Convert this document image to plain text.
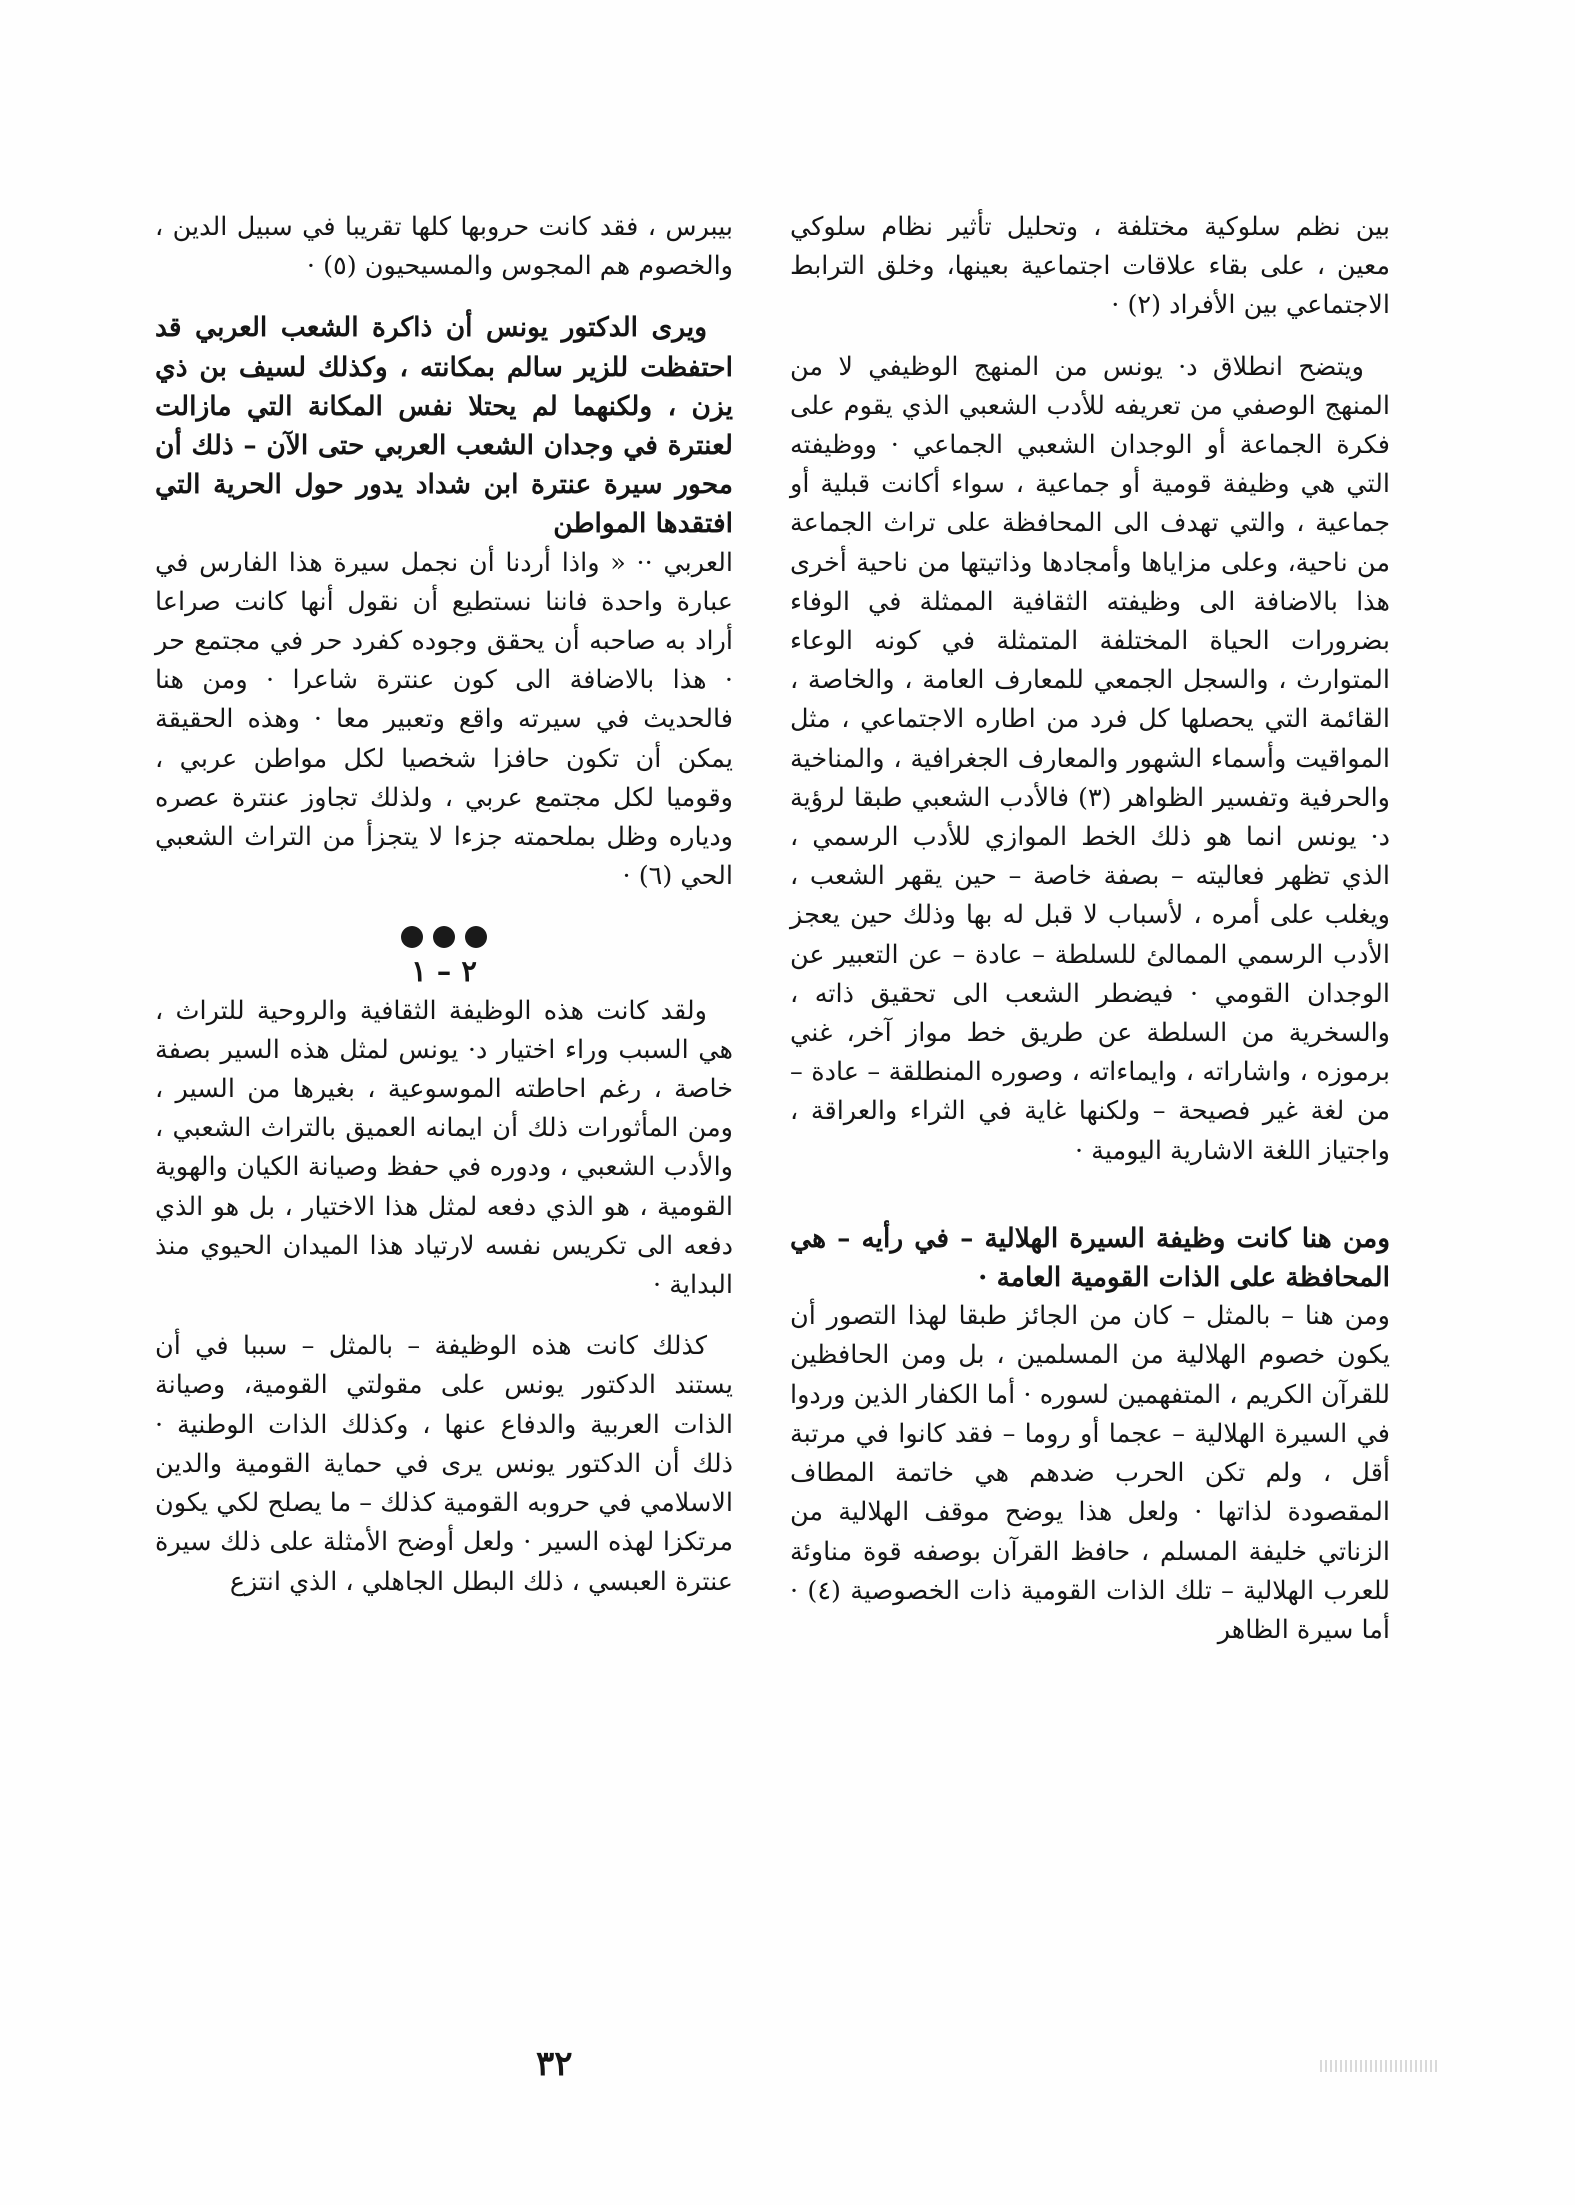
بين نظم سلوكية مختلفة ، وتحليل تأثير نظام سلوكي معين ، على بقاء علاقات اجتماعية بعينها، وخلق الترابط الاجتماعي بين الأفراد (٢) ·

ويتضح انطلاق د· يونس من المنهج الوظيفي لا من المنهج الوصفي من تعريفه للأدب الشعبي الذي يقوم على فكرة الجماعة أو الوجدان الشعبي الجماعي · ووظيفته التي هي وظيفة قومية أو جماعية ، سواء أكانت قبلية أو جماعية ، والتي تهدف الى المحافظة على تراث الجماعة من ناحية، وعلى مزاياها وأمجادها وذاتيتها من ناحية أخرى هذا بالاضافة الى وظيفته الثقافية الممثلة في الوفاء بضرورات الحياة المختلفة المتمثلة في كونه الوعاء المتوارث ، والسجل الجمعي للمعارف العامة ، والخاصة ، القائمة التي يحصلها كل فرد من اطاره الاجتماعي ، مثل المواقيت وأسماء الشهور والمعارف الجغرافية ، والمناخية والحرفية وتفسير الظواهر (٣) فالأدب الشعبي طبقا لرؤية د· يونس انما هو ذلك الخط الموازي للأدب الرسمي ، الذي تظهر فعاليته – بصفة خاصة – حين يقهر الشعب ، ويغلب على أمره ، لأسباب لا قبل له بها وذلك حين يعجز الأدب الرسمي الممالئ للسلطة – عادة – عن التعبير عن الوجدان القومي · فيضطر الشعب الى تحقيق ذاته ، والسخرية من السلطة عن طريق خط مواز آخر، غني برموزه ، واشاراته ، وايماءاته ، وصوره المنطلقة – عادة – من لغة غير فصيحة – ولكنها غاية في الثراء والعراقة ، واجتياز اللغة الاشارية اليومية ·

ومن هنا كانت وظيفة السيرة الهلالية – في رأيه – هي المحافظة على الذات القومية العامة ·

ومن هنا – بالمثل – كان من الجائز طبقا لهذا التصور أن يكون خصوم الهلالية من المسلمين ، بل ومن الحافظين للقرآن الكريم ، المتفهمين لسوره · أما الكفار الذين وردوا في السيرة الهلالية – عجما أو روما – فقد كانوا في مرتبة أقل ، ولم تكن الحرب ضدهم هي خاتمة المطاف المقصودة لذاتها · ولعل هذا يوضح موقف الهلالية من الزناتي خليفة المسلم ، حافظ القرآن بوصفه قوة مناوئة للعرب الهلالية – تلك الذات القومية ذات الخصوصية (٤) · أما سيرة الظاهر

بيبرس ، فقد كانت حروبها كلها تقريبا في سبيل الدين ، والخصوم هم المجوس والمسيحيون (٥) ·

ويرى الدكتور يونس أن ذاكرة الشعب العربي قد احتفظت للزير سالم بمكانته ، وكذلك لسيف بن ذي يزن ، ولكنهما لم يحتلا نفس المكانة التي مازالت لعنترة في وجدان الشعب العربي حتى الآن – ذلك أن محور سيرة عنترة ابن شداد يدور حول الحرية التي افتقدها المواطن

العربي ·· « واذا أردنا أن نجمل سيرة هذا الفارس في عبارة واحدة فاننا نستطيع أن نقول أنها كانت صراعا أراد به صاحبه أن يحقق وجوده كفرد حر في مجتمع حر · هذا بالاضافة الى كون عنترة شاعرا · ومن هنا فالحديث في سيرته واقع وتعبير معا · وهذه الحقيقة يمكن أن تكون حافزا شخصيا لكل مواطن عربي ، وقوميا لكل مجتمع عربي ، ولذلك تجاوز عنترة عصره ودياره وظل بملحمته جزءا لا يتجزأ من التراث الشعبي الحي (٦) ·

٢ – ١

ولقد كانت هذه الوظيفة الثقافية والروحية للتراث ، هي السبب وراء اختيار د· يونس لمثل هذه السير بصفة خاصة ، رغم احاطته الموسوعية ، بغيرها من السير ، ومن المأثورات ذلك أن ايمانه العميق بالتراث الشعبي ، والأدب الشعبي ، ودوره في حفظ وصيانة الكيان والهوية القومية ، هو الذي دفعه لمثل هذا الاختيار ، بل هو الذي دفعه الى تكريس نفسه لارتياد هذا الميدان الحيوي منذ البداية ·

كذلك كانت هذه الوظيفة – بالمثل – سببا في أن يستند الدكتور يونس على مقولتي القومية، وصيانة الذات العربية والدفاع عنها ، وكذلك الذات الوطنية · ذلك أن الدكتور يونس يرى في حماية القومية والدين الاسلامي في حروبه القومية كذلك – ما يصلح لكي يكون مرتكزا لهذه السير · ولعل أوضح الأمثلة على ذلك سيرة عنترة العبسي ، ذلك البطل الجاهلي ، الذي انتزع

٣٢
